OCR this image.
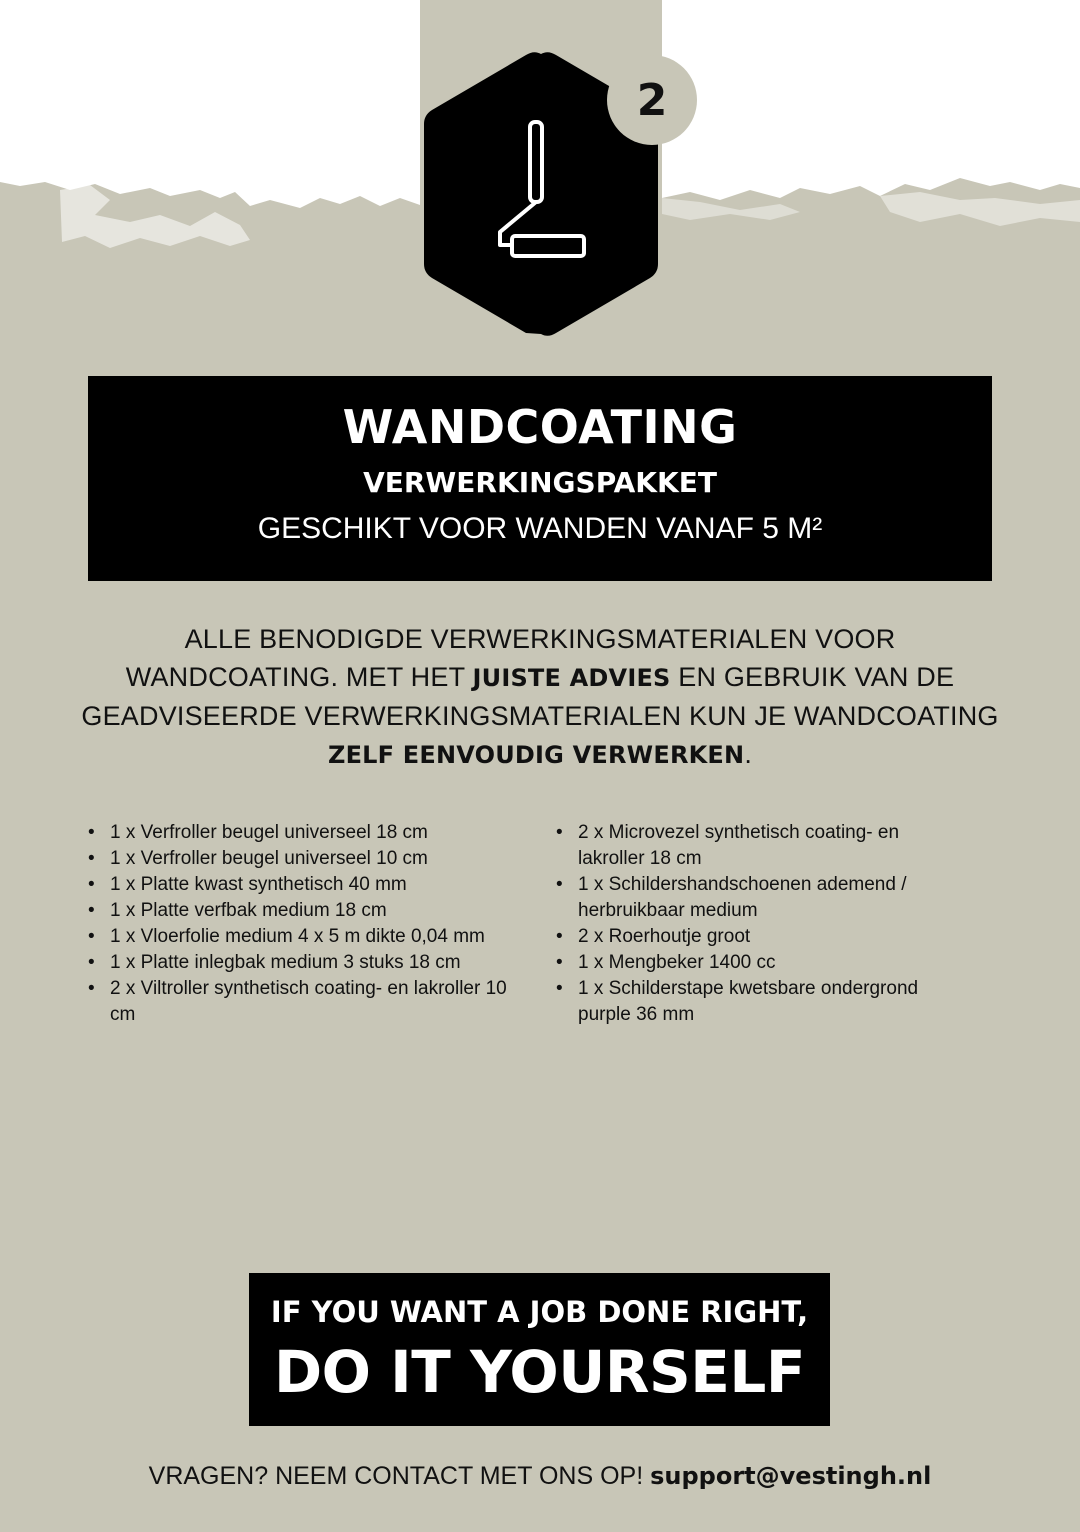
2
WANDCOATING
VERWERKINGSPAKKET
GESCHIKT VOOR WANDEN VANAF 5 M²
ALLE BENODIGDE VERWERKINGSMATERIALEN VOOR WANDCOATING. MET HET JUISTE ADVIES EN GEBRUIK VAN DE GEADVISEERDE VERWERKINGSMATERIALEN KUN JE WANDCOATING ZELF EENVOUDIG VERWERKEN.
• 1 x Verfroller beugel universeel 18 cm
• 1 x Verfroller beugel universeel 10 cm
• 1 x Platte kwast synthetisch 40 mm
• 1 x Platte verfbak medium 18 cm
• 1 x Vloerfolie medium 4 x 5 m dikte 0,04 mm
• 1 x Platte inlegbak medium 3 stuks 18 cm
• 2 x Viltroller synthetisch coating- en lakroller 10 cm
• 2 x Microvezel synthetisch coating- en lakroller 18 cm
• 1 x Schildershandschoenen ademend / herbruikbaar medium
• 2 x Roerhoutje groot
• 1 x Mengbeker 1400 cc
• 1 x Schilderstape kwetsbare ondergrond purple 36 mm
IF YOU WANT A JOB DONE RIGHT,
DO IT YOURSELF
VRAGEN? NEEM CONTACT MET ONS OP! support@vestingh.nl
